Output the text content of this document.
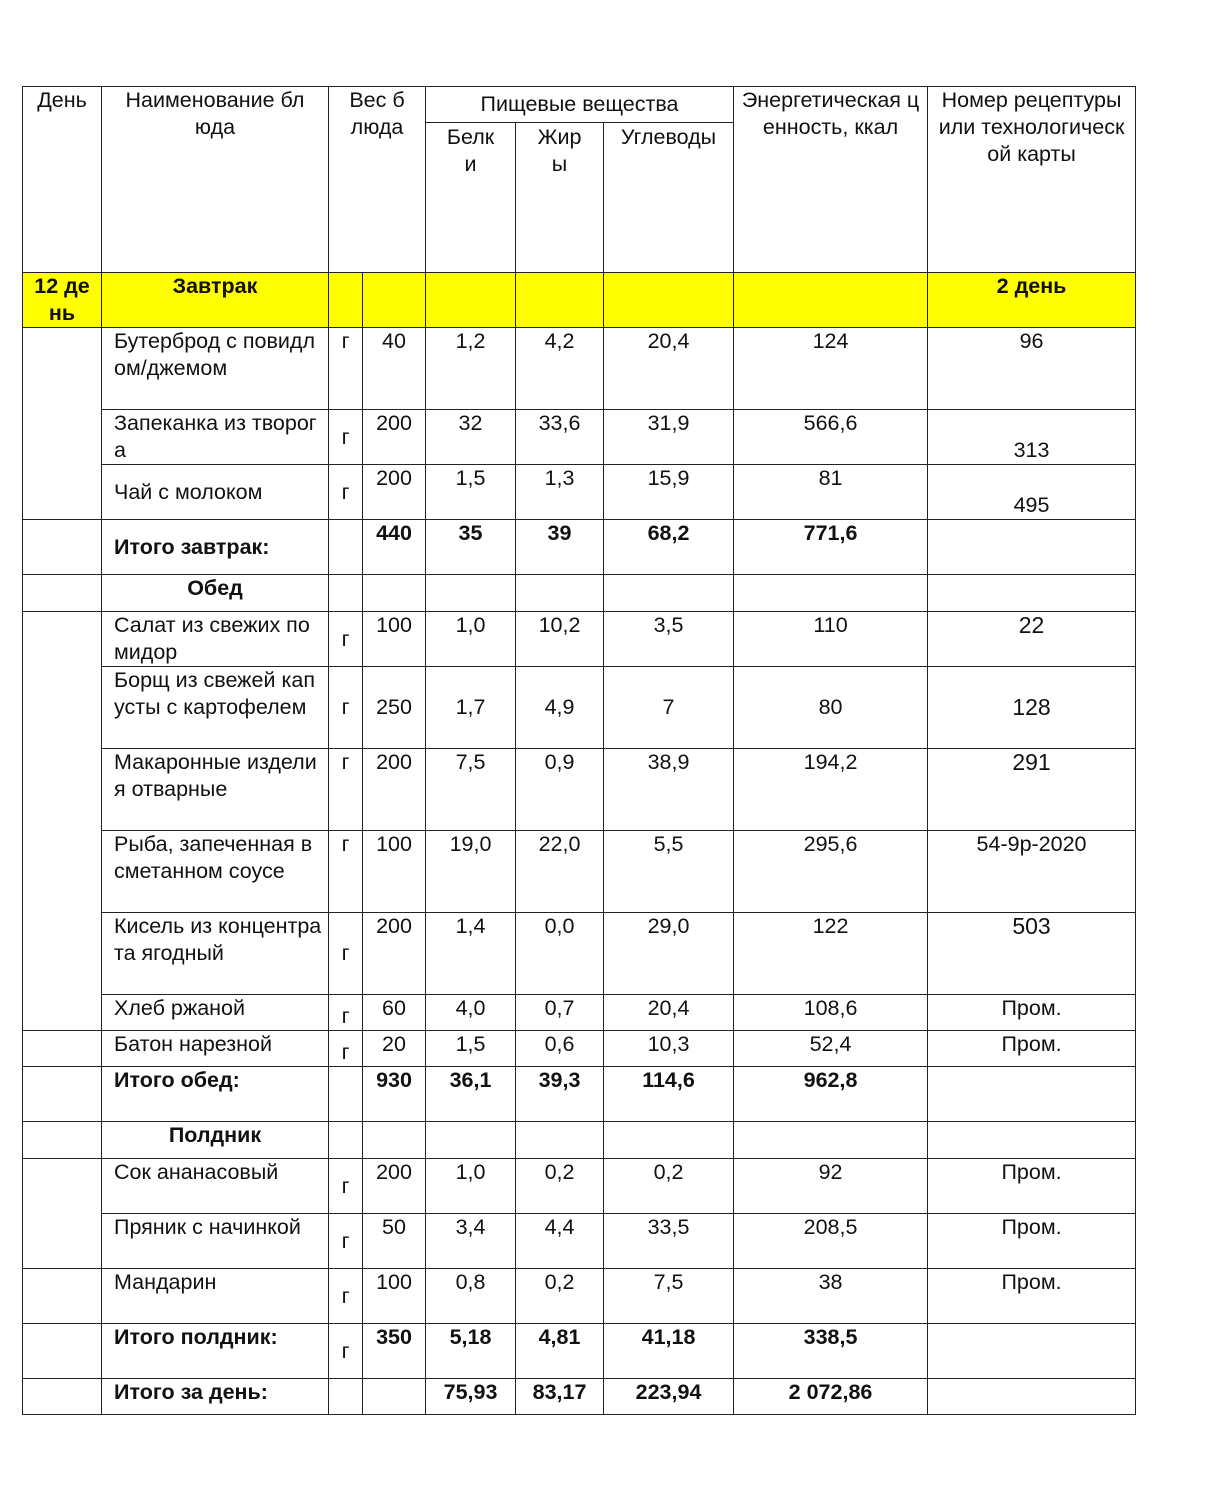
День	Наименование блюда	Вес блюда		Пищевые вещества			Энергетическая ценность, ккал	Номер рецептуры или технологической карты
				Белки	Жиры	Углеводы		
12 день	Завтрак							2 день
	Бутерброд с повидлом/джемом	г	40	1,2	4,2	20,4	124	96
	Запеканка из творога	г	200	32	33,6	31,9	566,6	313
	Чай с молоком	г	200	1,5	1,3	15,9	81	495
	Итого завтрак:		440	35	39	68,2	771,6	
	Обед							
	Салат из свежих помидор	г	100	1,0	10,2	3,5	110	22
	Борщ из свежей капусты с картофелем	г	250	1,7	4,9	7	80	128
	Макаронные изделия отварные	г	200	7,5	0,9	38,9	194,2	291
	Рыба, запеченная в сметанном соусе	г	100	19,0	22,0	5,5	295,6	54-9р-2020
	Кисель из концентрата ягодный	г	200	1,4	0,0	29,0	122	503
	Хлеб ржаной	г	60	4,0	0,7	20,4	108,6	Пром.
	Батон нарезной	г	20	1,5	0,6	10,3	52,4	Пром.
	Итого обед:		930	36,1	39,3	114,6	962,8	
	Полдник							
	Сок ананасовый	г	200	1,0	0,2	0,2	92	Пром.
	Пряник с начинкой	г	50	3,4	4,4	33,5	208,5	Пром.
	Мандарин	г	100	0,8	0,2	7,5	38	Пром.
	Итого полдник:	г	350	5,18	4,81	41,18	338,5	
	Итого за день:			75,93	83,17	223,94	2 072,86	
